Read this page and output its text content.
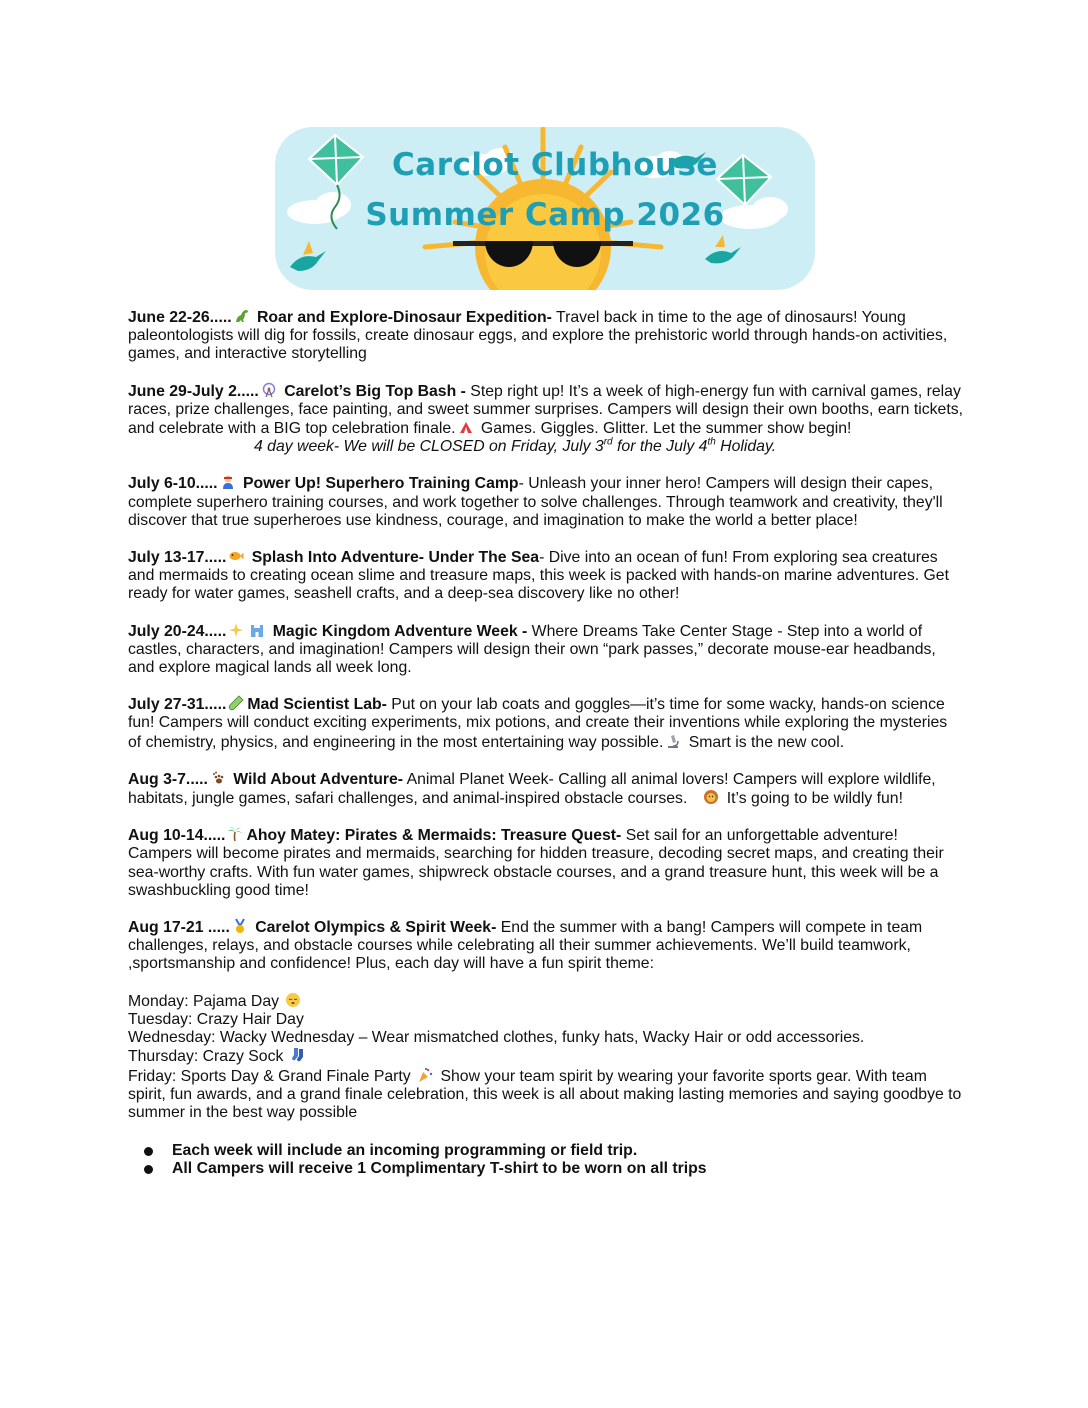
Carclot Clubhouse
Summer Camp 2026

June 22-26.....
Roar and Explore-Dinosaur Expedition- Travel back in time to the age of dinosaurs! Young paleontologists will dig for fossils, create dinosaur eggs, and explore the prehistoric world through hands-on activities, games, and interactive storytelling

June 29-July 2.....
Carelot’s Big Top Bash - Step right up! It’s a week of high-energy fun with carnival games, relay races, prize challenges, face painting, and sweet summer surprises. Campers will design their own booths, earn tickets, and celebrate with a BIG top celebration finale.
Games. Giggles. Glitter. Let the summer show begin!4 day week- We will be CLOSED on Friday, July 3rd for the July 4th Holiday.

July 6-10.....
Power Up! Superhero Training Camp- Unleash your inner hero! Campers will design their capes, complete superhero training courses, and work together to solve challenges. Through teamwork and creativity, they'll discover that true superheroes use kindness, courage, and imagination to make the world a better place!

July 13-17.....
Splash Into Adventure- Under The Sea- Dive into an ocean of fun! From exploring sea creatures and mermaids to creating ocean slime and treasure maps, this week is packed with hands-on marine adventures. Get ready for water games, seashell crafts, and a deep-sea discovery like no other!

July 20-24.....	Magic Kingdom Adventure Week - Where Dreams Take Center Stage - Step into a world of castles, characters, and imagination! Campers will design their own “park passes,” decorate mouse-ear headbands, and explore magical lands all week long.

July 27-31..... Mad Scientist Lab- Put on your lab coats and goggles—it’s time for some wacky, hands-on science fun! Campers will conduct exciting experiments, mix potions, and create their inventions while exploring the mysteries of chemistry, physics, and engineering in the most entertaining way possible.
Smart is the new cool.

Aug 3-7.....
Wild About Adventure- Animal Planet Week- Calling all animal lovers! Campers will explore wildlife, habitats, jungle games, safari challenges, and animal-inspired obstacle courses.
It’s going to be wildly fun!

Aug 10-14..... Ahoy Matey: Pirates & Mermaids: Treasure Quest- Set sail for an unforgettable adventure! Campers will become pirates and mermaids, searching for hidden treasure, decoding secret maps, and creating their sea-worthy crafts. With fun water games, shipwreck obstacle courses, and a grand treasure hunt, this week will be a swashbuckling good time!

Aug 17-21 .....
Carelot Olympics & Spirit Week- End the summer with a bang! Campers will compete in team challenges, relays, and obstacle courses while celebrating all their summer achievements. We’ll build teamwork, ,sportsmanship and confidence! Plus, each day will have a fun spirit theme:

Monday: Pajama Day

Tuesday: Crazy Hair Day

Wednesday: Wacky Wednesday – Wear mismatched clothes, funky hats, Wacky Hair or odd accessories.

Thursday: Crazy Sock

Friday: Sports Day & Grand Finale Party
Show your team spirit by wearing your favorite sports gear. With team spirit, fun awards, and a grand finale celebration, this week is all about making lasting memories and saying goodbye to summer in the best way possible

Each week will include an incoming programming or field trip.
All Campers will receive 1 Complimentary T-shirt to be worn on all trips
